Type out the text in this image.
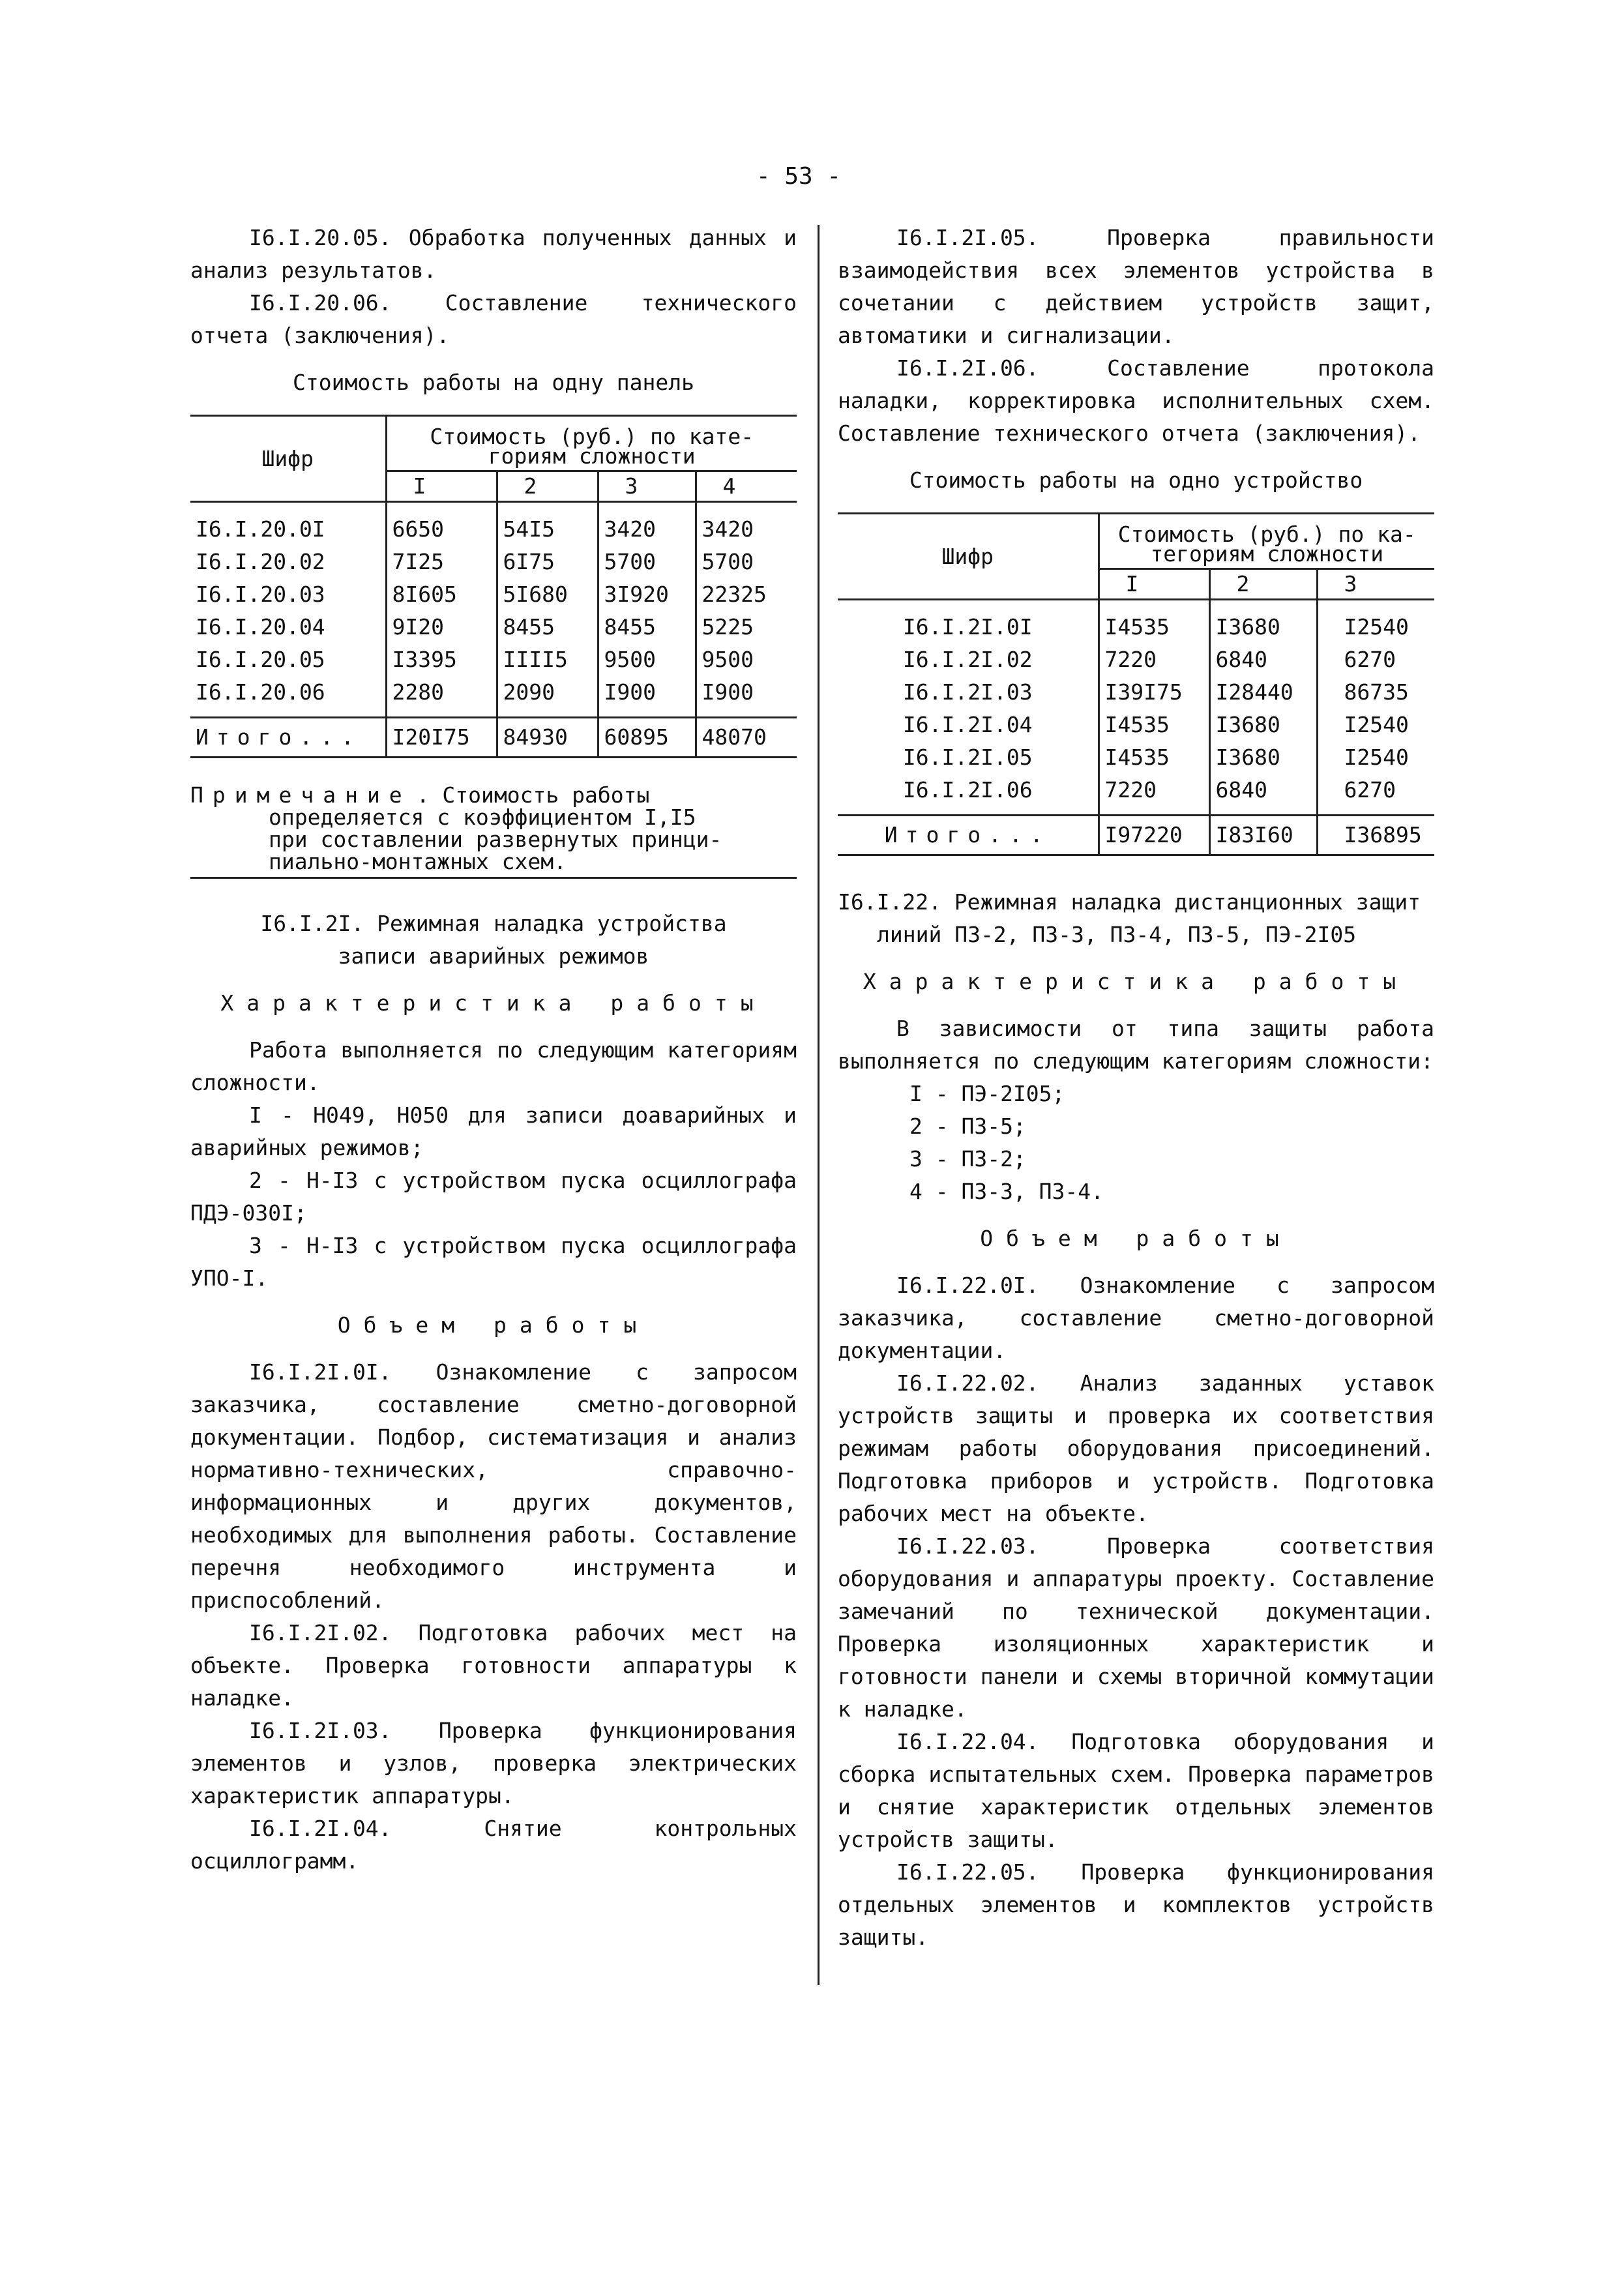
- 53 -

I6.I.20.05. Обработка полученных данных и анализ результатов.

I6.I.20.06. Составление технического отчета (заключения).

Стоимость работы на одну панель
Шифр	Стоимость (руб.) по кате-
гориям сложности			
	I	2	3	4
I6.I.20.0I	6650	54I5	3420	3420
I6.I.20.02	7I25	6I75	5700	5700
I6.I.20.03	8I605	5I680	3I920	22325
I6.I.20.04	9I20	8455	8455	5225
I6.I.20.05	I3395	IIII5	9500	9500
I6.I.20.06	2280	2090	I900	I900
Итого...	I20I75	84930	60895	48070
Примечание . Стоимость работы
определяется с коэффициентом I,I5
при составлении развернутых принци-
пиально-монтажных схем.
I6.I.2I. Режимная наладка устройства
записи аварийных режимов
Характеристика работы

Работа выполняется по следующим категориям сложности.

I - Н049, Н050 для записи доаварийных и аварийных режимов;

2 - Н-I3 с устройством пуска осциллографа ПДЭ-030I;

3 - Н-I3 с устройством пуска осциллографа УПО-I.

Объем работы

I6.I.2I.0I. Ознакомление с запросом заказчика, составление сметно-договорной документации. Подбор, систематизация и анализ нормативно-технических, справочно-информационных и других документов, необходимых для выполнения работы. Составление перечня необходимого инструмента и приспособлений.

I6.I.2I.02. Подготовка рабочих мест на объекте. Проверка готовности аппаратуры к наладке.

I6.I.2I.03. Проверка функционирования элементов и узлов, проверка электрических характеристик аппаратуры.

I6.I.2I.04. Снятие контрольных осциллограмм.

I6.I.2I.05. Проверка правильности взаимодействия всех элементов устройства в сочетании с действием устройств защит, автоматики и сигнализации.

I6.I.2I.06. Составление протокола наладки, корректировка исполнительных схем. Составление технического отчета (заключения).

Стоимость работы на одно устройство
Шифр	Стоимость (руб.) по ка-
тегориям сложности		
	I	2	3
I6.I.2I.0I	I4535	I3680	I2540
I6.I.2I.02	7220	6840	6270
I6.I.2I.03	I39I75	I28440	86735
I6.I.2I.04	I4535	I3680	I2540
I6.I.2I.05	I4535	I3680	I2540
I6.I.2I.06	7220	6840	6270
Итого...	I97220	I83I60	I36895
I6.I.22. Режимная наладка дистанционных защит
линий ПЗ-2, ПЗ-3, ПЗ-4, ПЗ-5, ПЭ-2I05
Характеристика работы

В зависимости от типа защиты работа выполняется по следующим категориям сложности:

I - ПЭ-2I05;
2 - ПЗ-5;
3 - ПЗ-2;
4 - ПЗ-3, ПЗ-4.
Объем работы

I6.I.22.0I. Ознакомление с запросом заказчика, составление сметно-договорной документации.

I6.I.22.02. Анализ заданных уставок устройств защиты и проверка их соответствия режимам работы оборудования присоединений. Подготовка приборов и устройств. Подготовка рабочих мест на объекте.

I6.I.22.03. Проверка соответствия оборудования и аппаратуры проекту. Составление замечаний по технической документации. Проверка изоляционных характеристик и готовности панели и схемы вторичной коммутации к наладке.

I6.I.22.04. Подготовка оборудования и сборка испытательных схем. Проверка параметров и снятие характеристик отдельных элементов устройств защиты.

I6.I.22.05. Проверка функционирования отдельных элементов и комплектов устройств защиты.
